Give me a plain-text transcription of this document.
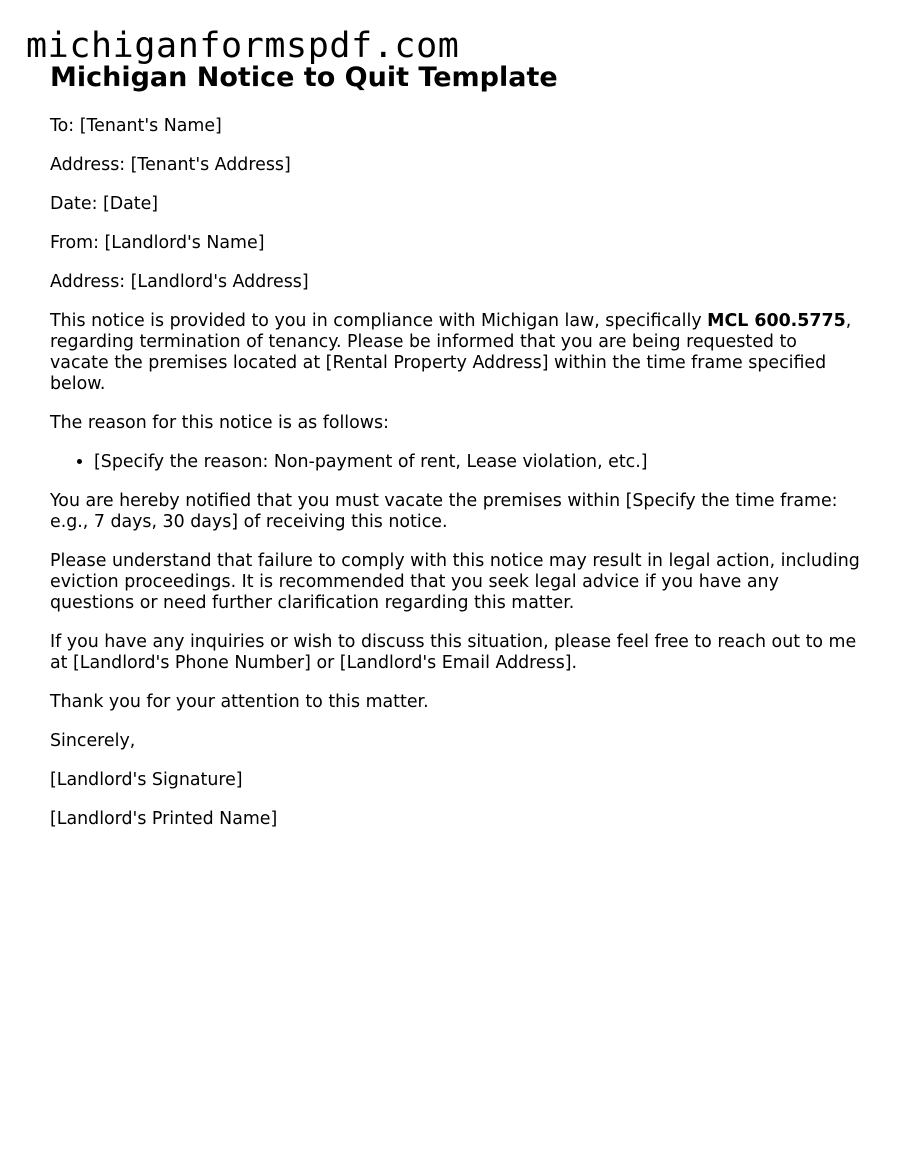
michiganformspdf.com
Michigan Notice to Quit Template

To: [Tenant's Name]

Address: [Tenant's Address]

Date: [Date]

From: [Landlord's Name]

Address: [Landlord's Address]

This notice is provided to you in compliance with Michigan law, specifically MCL 600.5775, regarding termination of tenancy. Please be informed that you are being requested to vacate the premises located at [Rental Property Address] within the time frame specified below.

The reason for this notice is as follows:

• [Specify the reason: Non-payment of rent, Lease violation, etc.]

You are hereby notified that you must vacate the premises within [Specify the time frame: e.g., 7 days, 30 days] of receiving this notice.

Please understand that failure to comply with this notice may result in legal action, including eviction proceedings. It is recommended that you seek legal advice if you have any questions or need further clarification regarding this matter.

If you have any inquiries or wish to discuss this situation, please feel free to reach out to me at [Landlord's Phone Number] or [Landlord's Email Address].

Thank you for your attention to this matter.

Sincerely,

[Landlord's Signature]

[Landlord's Printed Name]
